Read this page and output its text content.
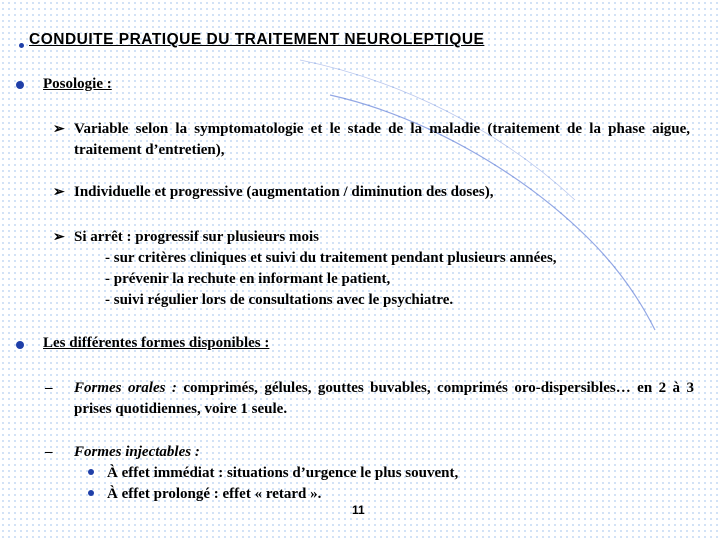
CONDUITE PRATIQUE DU TRAITEMENT NEUROLEPTIQUE
Posologie :
➢ Variable selon la symptomatologie et le stade de la maladie (traitement de la phase aigue, traitement d’entretien),
➢ Individuelle et progressive (augmentation / diminution des doses),
➢ Si arrêt : progressif sur plusieurs mois
- sur critères cliniques et suivi du traitement pendant plusieurs années,
- prévenir la rechute en informant le patient,
- suivi régulier lors de consultations avec le psychiatre.
Les différentes formes disponibles :
– Formes orales : comprimés, gélules, gouttes buvables, comprimés oro-dispersibles… en 2 à 3 prises quotidiennes, voire 1 seule.
– Formes injectables :
À effet immédiat : situations d’urgence le plus souvent,
À effet prolongé : effet « retard ».
11
